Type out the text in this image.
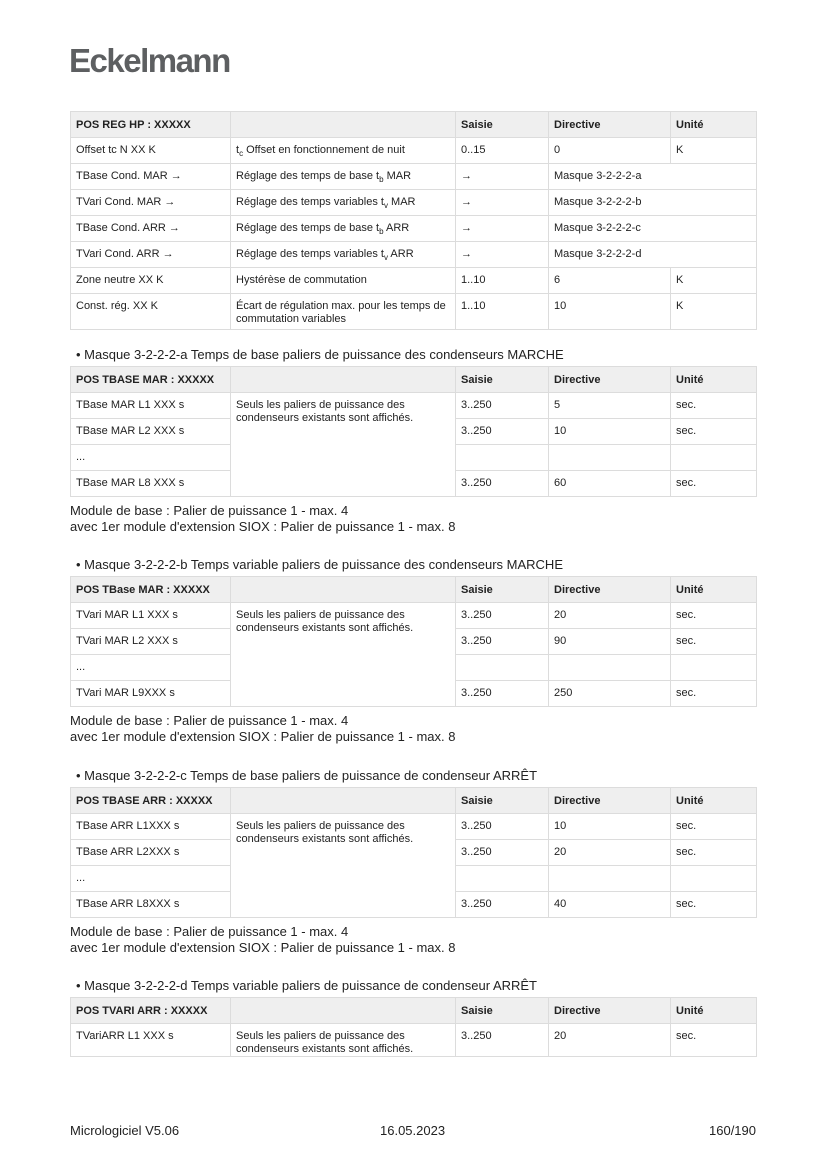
Eckelmann
POS REG HP : XXXXX		Saisie	Directive	Unité
Offset tc N XX K	$t_c$ Offset en fonctionnement de nuit	0..15	0	K
TBase Cond. MAR →	Réglage des temps de base $t_b$ MAR	→	Masque 3-2-2-2-a	
TVari Cond. MAR →	Réglage des temps variables $t_v$ MAR	→	Masque 3-2-2-2-b	
TBase Cond. ARR →	Réglage des temps de base $t_b$ ARR	→	Masque 3-2-2-2-c	
TVari Cond. ARR →	Réglage des temps variables $t_v$ ARR	→	Masque 3-2-2-2-d	
Zone neutre XX K	Hystérèse de commutation	1..10	6	K
Const. rég. XX K	Écart de régulation max. pour les temps de commutation variables	1..10	10	K
• Masque 3-2-2-2-a Temps de base paliers de puissance des condenseurs MARCHE
POS TBASE MAR : XXXXX		Saisie	Directive	Unité
TBase MAR L1 XXX s	Seuls les paliers de puissance des condenseurs existants sont affichés.	3..250	5	sec.
TBase MAR L2 XXX s		3..250	10	sec.
...				
TBase MAR L8 XXX s		3..250	60	sec.
Module de base : Palier de puissance 1 - max. 4
avec 1er module d'extension SIOX : Palier de puissance 1 - max. 8
• Masque 3-2-2-2-b Temps variable paliers de puissance des condenseurs MARCHE
POS TBase MAR : XXXXX		Saisie	Directive	Unité
TVari MAR L1 XXX s	Seuls les paliers de puissance des condenseurs existants sont affichés.	3..250	20	sec.
TVari MAR L2 XXX s		3..250	90	sec.
...				
TVari MAR L9XXX s		3..250	250	sec.
Module de base : Palier de puissance 1 - max. 4
avec 1er module d'extension SIOX : Palier de puissance 1 - max. 8
• Masque 3-2-2-2-c Temps de base paliers de puissance de condenseur ARRÊT
POS TBASE ARR : XXXXX		Saisie	Directive	Unité
TBase ARR L1XXX s	Seuls les paliers de puissance des condenseurs existants sont affichés.	3..250	10	sec.
TBase ARR L2XXX s		3..250	20	sec.
...				
TBase ARR L8XXX s		3..250	40	sec.
Module de base : Palier de puissance 1 - max. 4
avec 1er module d'extension SIOX : Palier de puissance 1 - max. 8
• Masque 3-2-2-2-d Temps variable paliers de puissance de condenseur ARRÊT
POS TVARI ARR : XXXXX		Saisie	Directive	Unité
TVariARR L1 XXX s	Seuls les paliers de puissance des condenseurs existants sont affichés.	3..250	20	sec.
Micrologiciel V5.06	16.05.2023	160/190
